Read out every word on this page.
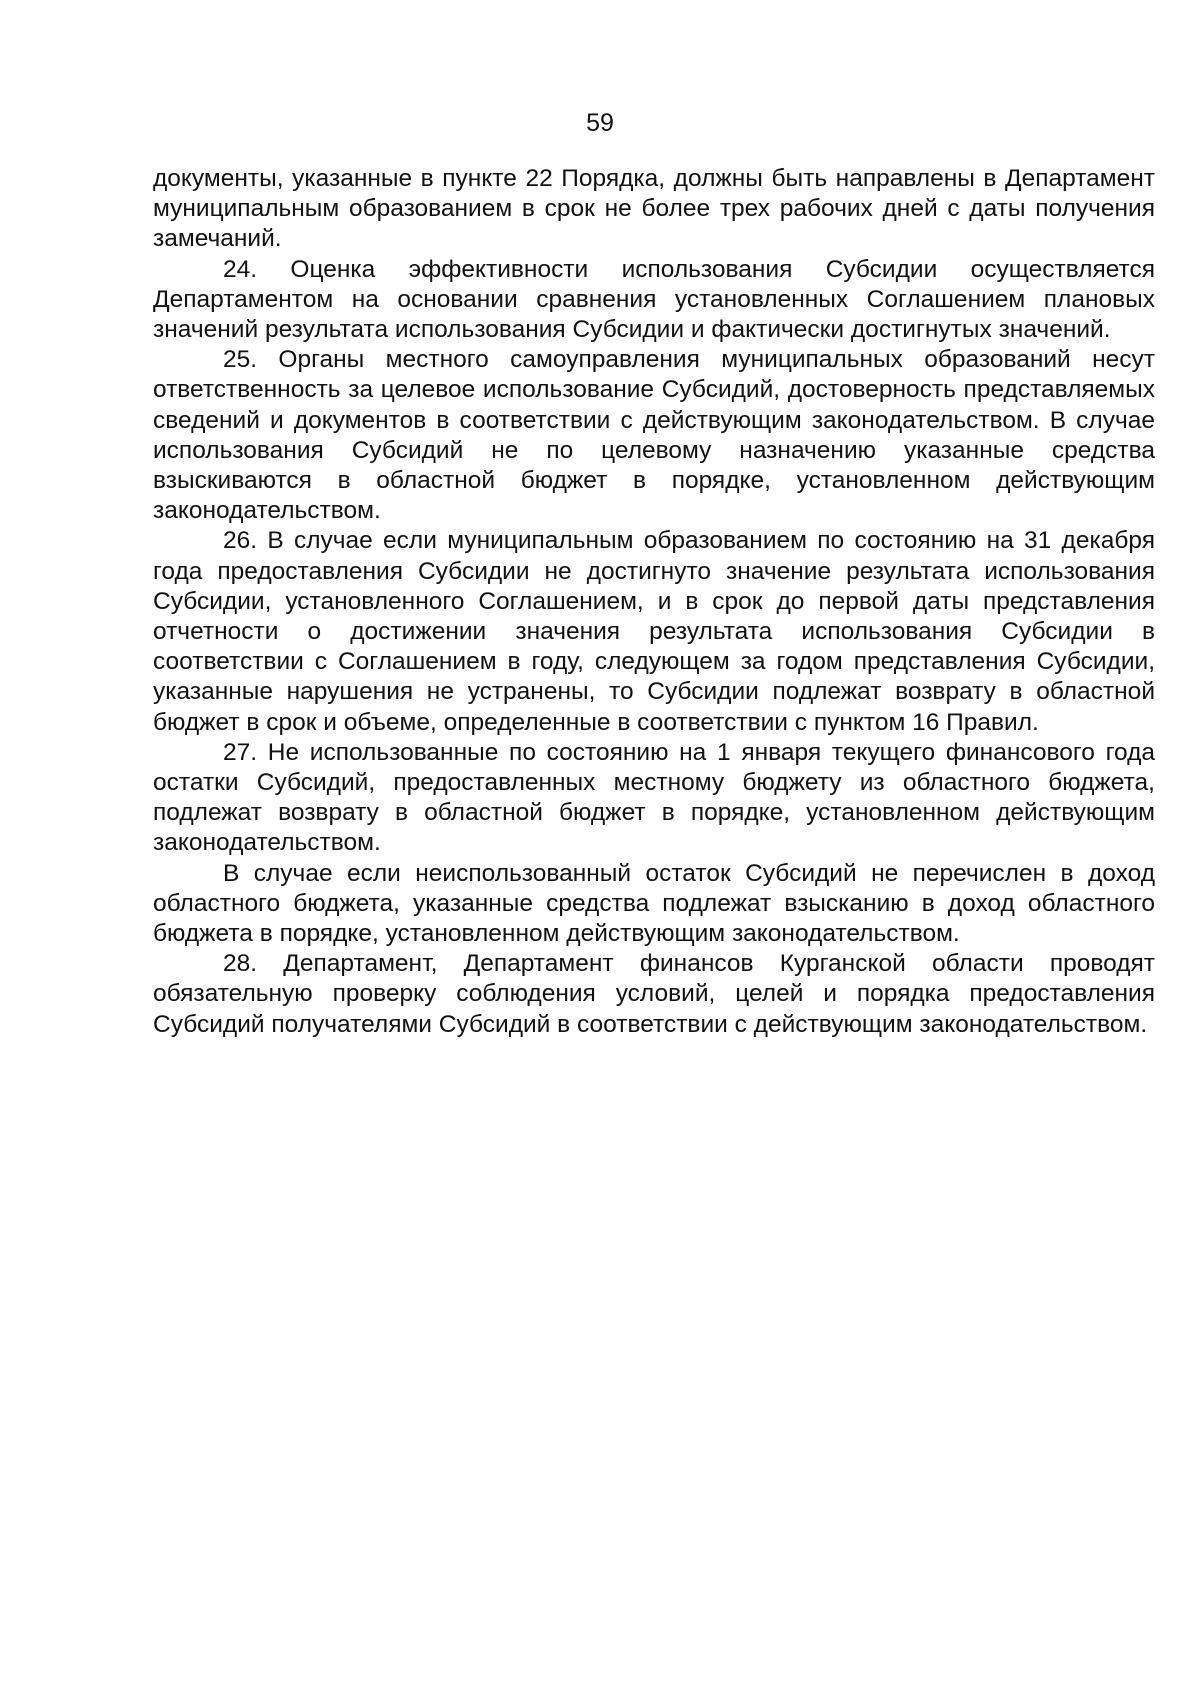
59

документы, указанные в пункте 22 Порядка, должны быть направлены в Департамент муниципальным образованием в срок не более трех рабочих дней с даты получения замечаний.

24. Оценка эффективности использования Субсидии осуществляется Департаментом на основании сравнения установленных Соглашением плановых значений результата использования Субсидии и фактически достигнутых значений.

25. Органы местного самоуправления муниципальных образований несут ответственность за целевое использование Субсидий, достоверность представляемых сведений и документов в соответствии с действующим законодательством. В случае использования Субсидий не по целевому назначению указанные средства взыскиваются в областной бюджет в порядке, установленном действующим законодательством.

26. В случае если муниципальным образованием по состоянию на 31 декабря года предоставления Субсидии не достигнуто значение результата использования Субсидии, установленного Соглашением, и в срок до первой даты представления отчетности о достижении значения результата использования Субсидии в соответствии с Соглашением в году, следующем за годом представления Субсидии, указанные нарушения не устранены, то Субсидии подлежат возврату в областной бюджет в срок и объеме, определенные в соответствии с пунктом 16 Правил.

27. Не использованные по состоянию на 1 января текущего финансового года остатки Субсидий, предоставленных местному бюджету из областного бюджета, подлежат возврату в областной бюджет в порядке, установленном действующим законодательством.

В случае если неиспользованный остаток Субсидий не перечислен в доход областного бюджета, указанные средства подлежат взысканию в доход областного бюджета в порядке, установленном действующим законодательством.

28. Департамент, Департамент финансов Курганской области проводят обязательную проверку соблюдения условий, целей и порядка предоставления Субсидий получателями Субсидий в соответствии с действующим законодательством.
